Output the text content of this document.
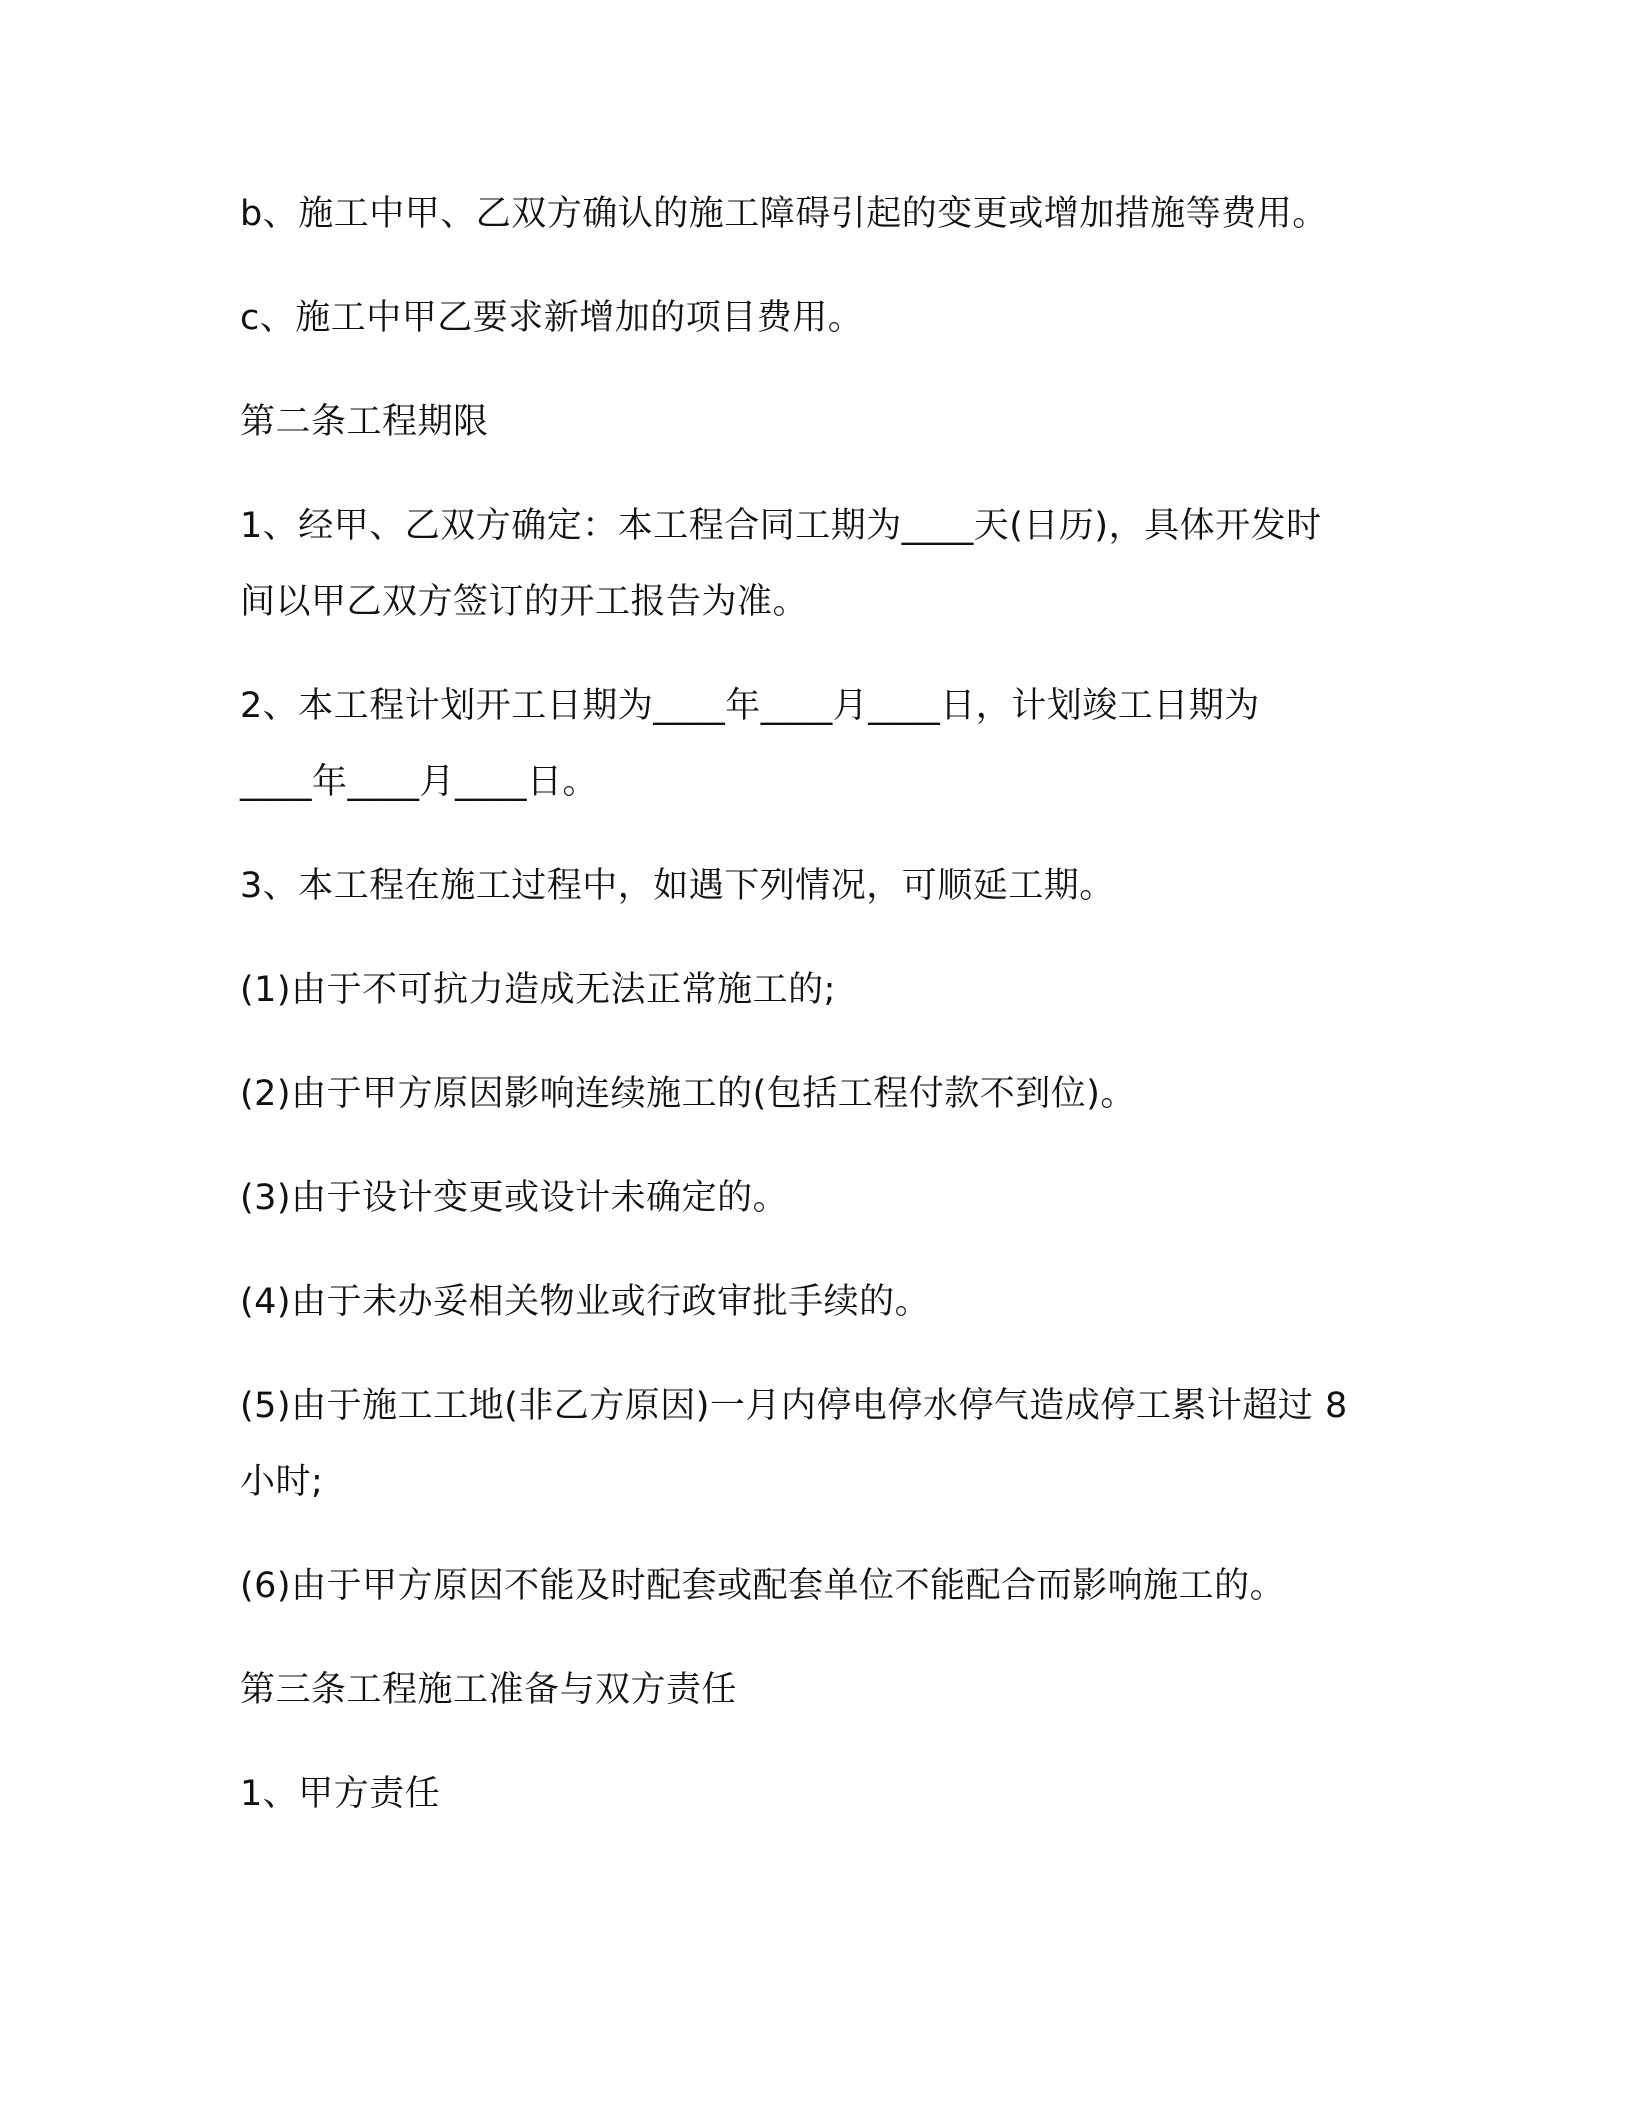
b、施工中甲、乙双方确认的施工障碍引起的变更或增加措施等费用。

c、施工中甲乙要求新增加的项目费用。

第二条工程期限

1、经甲、乙双方确定：本工程合同工期为____天(日历)，具体开发时
间以甲乙双方签订的开工报告为准。

2、本工程计划开工日期为____年____月____日，计划竣工日期为
____年____月____日。

3、本工程在施工过程中，如遇下列情况，可顺延工期。

(1)由于不可抗力造成无法正常施工的;

(2)由于甲方原因影响连续施工的(包括工程付款不到位)。

(3)由于设计变更或设计未确定的。

(4)由于未办妥相关物业或行政审批手续的。

(5)由于施工工地(非乙方原因)一月内停电停水停气造成停工累计超过 8
小时;

(6)由于甲方原因不能及时配套或配套单位不能配合而影响施工的。

第三条工程施工准备与双方责任

1、甲方责任
